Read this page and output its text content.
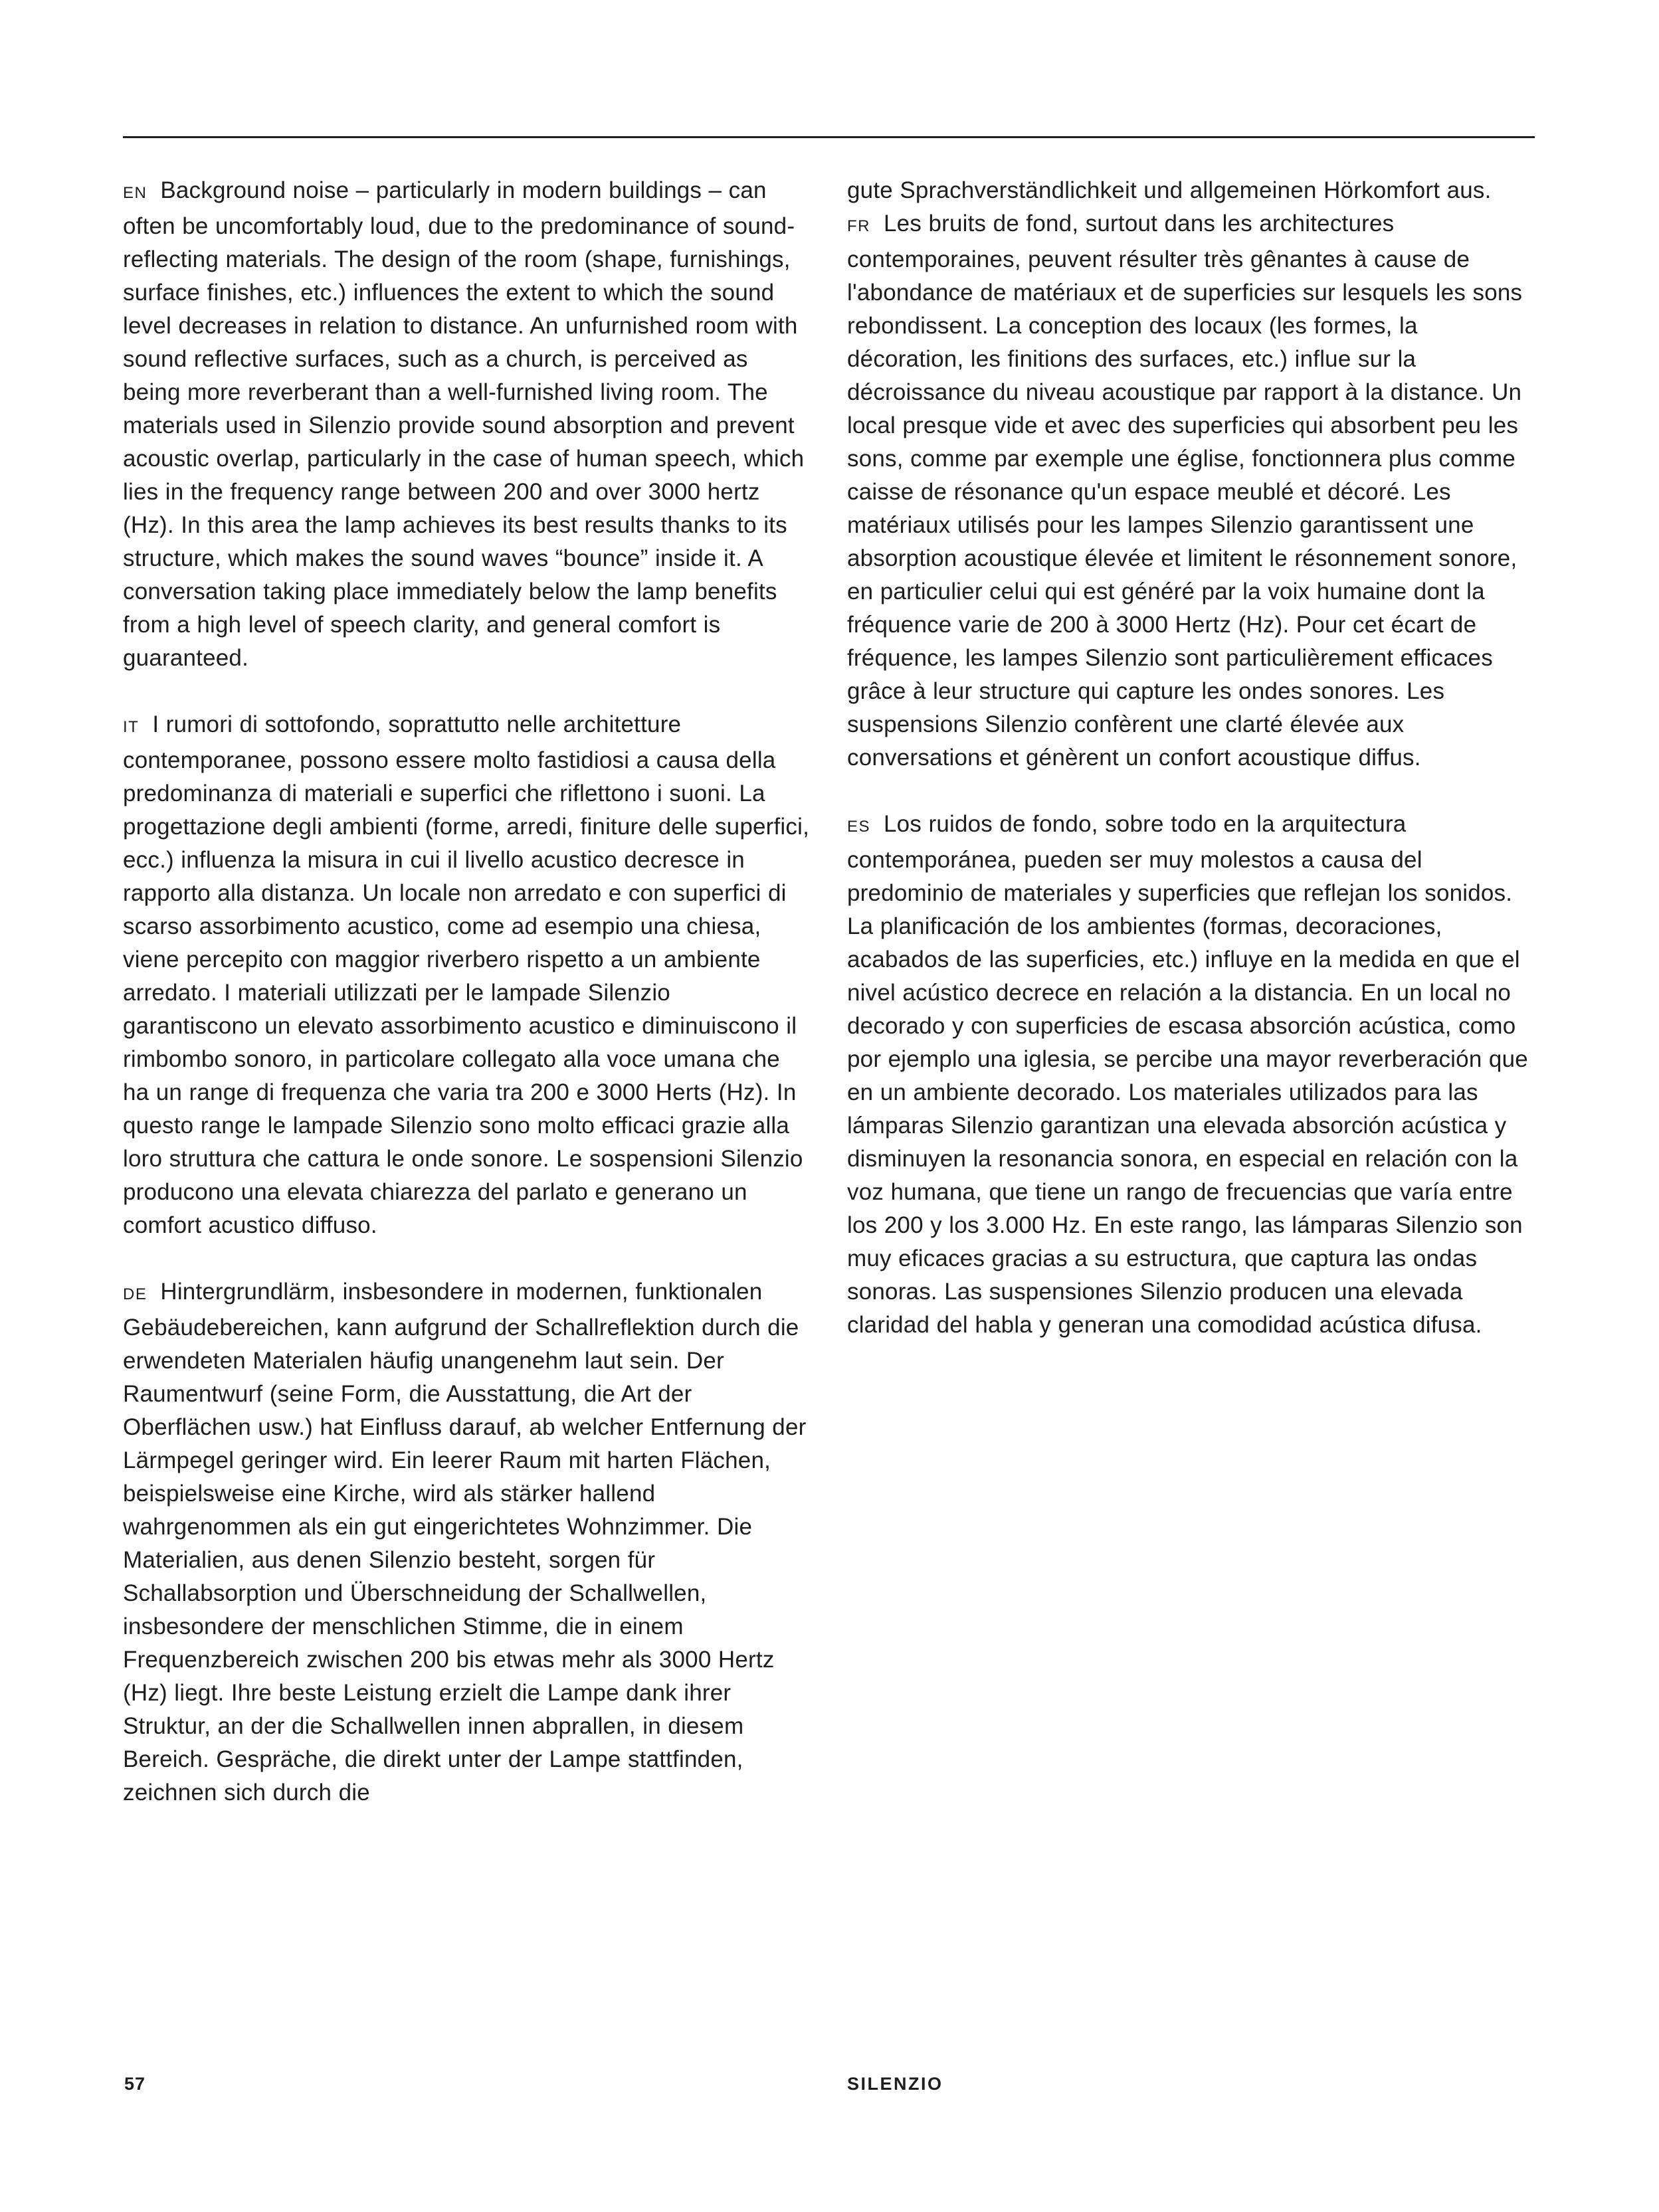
EN Background noise – particularly in modern buildings – can often be uncomfortably loud, due to the predominance of sound-reflecting materials. The design of the room (shape, furnishings, surface finishes, etc.) influences the extent to which the sound level decreases in relation to distance. An unfurnished room with sound reflective surfaces, such as a church, is perceived as being more reverberant than a well-furnished living room. The materials used in Silenzio provide sound absorption and prevent acoustic overlap, particularly in the case of human speech, which lies in the frequency range between 200 and over 3000 hertz (Hz). In this area the lamp achieves its best results thanks to its structure, which makes the sound waves “bounce” inside it. A conversation taking place immediately below the lamp benefits from a high level of speech clarity, and general comfort is guaranteed.

IT I rumori di sottofondo, soprattutto nelle architetture contemporanee, possono essere molto fastidiosi a causa della predominanza di materiali e superfici che riflettono i suoni. La progettazione degli ambienti (forme, arredi, finiture delle superfici, ecc.) influenza la misura in cui il livello acustico decresce in rapporto alla distanza. Un locale non arredato e con superfici di scarso assorbimento acustico, come ad esempio una chiesa, viene percepito con maggior riverbero rispetto a un ambiente arredato. I materiali utilizzati per le lampade Silenzio garantiscono un elevato assorbimento acustico e diminuiscono il rimbombo sonoro, in particolare collegato alla voce umana che ha un range di frequenza che varia tra 200 e 3000 Herts (Hz). In questo range le lampade Silenzio sono molto efficaci grazie alla loro struttura che cattura le onde sonore. Le sospensioni Silenzio producono una elevata chiarezza del parlato e generano un comfort acustico diffuso.

DE Hintergrundlärm, insbesondere in modernen, funktionalen Gebäudebereichen, kann aufgrund der Schallreflektion durch die erwendeten Materialen häufig unangenehm laut sein. Der Raumentwurf (seine Form, die Ausstattung, die Art der Oberflächen usw.) hat Einfluss darauf, ab welcher Entfernung der Lärmpegel geringer wird. Ein leerer Raum mit harten Flächen, beispielsweise eine Kirche, wird als stärker hallend wahrgenommen als ein gut eingerichtetes Wohnzimmer. Die Materialien, aus denen Silenzio besteht, sorgen für Schallabsorption und Überschneidung der Schallwellen, insbesondere der menschlichen Stimme, die in einem Frequenzbereich zwischen 200 bis etwas mehr als 3000 Hertz (Hz) liegt. Ihre beste Leistung erzielt die Lampe dank ihrer Struktur, an der die Schallwellen innen abprallen, in diesem Bereich. Gespräche, die direkt unter der Lampe stattfinden, zeichnen sich durch die

gute Sprachverständlichkeit und allgemeinen Hörkomfort aus.

FR Les bruits de fond, surtout dans les architectures contemporaines, peuvent résulter très gênantes à cause de l'abondance de matériaux et de superficies sur lesquels les sons rebondissent. La conception des locaux (les formes, la décoration, les finitions des surfaces, etc.) influe sur la décroissance du niveau acoustique par rapport à la distance. Un local presque vide et avec des superficies qui absorbent peu les sons, comme par exemple une église, fonctionnera plus comme caisse de résonance qu'un espace meublé et décoré. Les matériaux utilisés pour les lampes Silenzio garantissent une absorption acoustique élevée et limitent le résonnement sonore, en particulier celui qui est généré par la voix humaine dont la fréquence varie de 200 à 3000 Hertz (Hz). Pour cet écart de fréquence, les lampes Silenzio sont particulièrement efficaces grâce à leur structure qui capture les ondes sonores. Les suspensions Silenzio confèrent une clarté élevée aux conversations et génèrent un confort acoustique diffus.

ES Los ruidos de fondo, sobre todo en la arquitectura contemporánea, pueden ser muy molestos a causa del predominio de materiales y superficies que reflejan los sonidos. La planificación de los ambientes (formas, decoraciones, acabados de las superficies, etc.) influye en la medida en que el nivel acústico decrece en relación a la distancia. En un local no decorado y con superficies de escasa absorción acústica, como por ejemplo una iglesia, se percibe una mayor reverberación que en un ambiente decorado. Los materiales utilizados para las lámparas Silenzio garantizan una elevada absorción acústica y disminuyen la resonancia sonora, en especial en relación con la voz humana, que tiene un rango de frecuencias que varía entre los 200 y los 3.000 Hz. En este rango, las lámparas Silenzio son muy eficaces gracias a su estructura, que captura las ondas sonoras. Las suspensiones Silenzio producen una elevada claridad del habla y generan una comodidad acústica difusa.

57	SILENZIO
